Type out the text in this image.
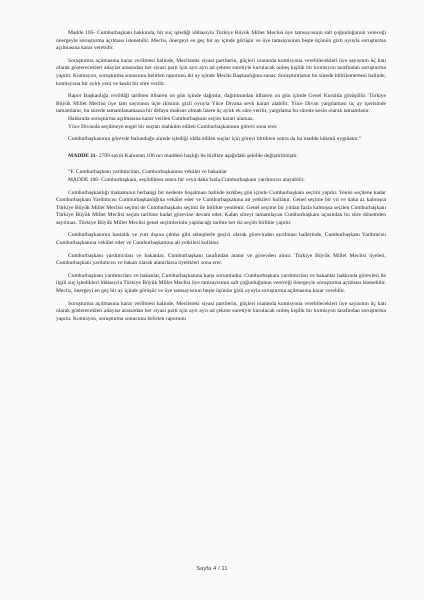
Madde 105- Cumhurbaşkanı hakkında, bir suç işlediği iddiasıyla Türkiye Büyük Millet Meclisi üye tamsayısının salt çoğunluğunun vereceği önergeyle soruşturma açılması istenebilir. Meclis, önergeyi en geç bir ay içinde görüşür ve üye tamsayısının beşte üçünün gizli oyuyla soruşturma açılmasına karar verebilir.

Soruşturma açılmasına karar verilmesi halinde, Meclisteki siyasi partilerin, güçleri oranında komisyona verebilecekleri üye sayısının üç katı olarak gösterecekleri adaylar arasından her siyasi parti için ayrı ayrı ad çekme suretiyle kurulacak onbeş kişilik bir komisyon tarafından soruşturma yapılır. Komisyon, soruşturma sonucunu belirten raporunu iki ay içinde Meclis Başkanlığına sunar. Soruşturmanın bu sürede bitirilememesi halinde, komisyona bir aylık yeni ve kesin bir süre verilir.

Rapor Başkanlığa verildiği tarihten itibaren on gün içinde dağıtılır, dağıtımından itibaren on gün içinde Genel Kurulda görüşülür. Türkiye Büyük Millet Meclisi üye tam sayısının üçte ikisinin gizli oyuyla Yüce Divana sevk kararı alabilir. Yüce Divan yargılaması üç ay içerisinde tamamlanır, bu sürede tamamlanamazsa bir defaya mahsus olmak üzere üç aylık ek süre verilir, yargılama bu sürede kesin olarak tamamlanır.

Hakkında soruşturma açılmasına karar verilen Cumhurbaşkanı seçim kararı alamaz.

Yüce Divanda seçilmeye engel bir suçtan mahkûm edilen Cumhurbaşkanının görevi sona erer.

Cumhurbaşkanının görevde bulunduğu sürede işlediği iddia edilen suçlar için görevi bittikten sonra da bu madde hükmü uygulanır.”

MADDE 11- 2709 sayılı Kanunun 106 ncı maddesi başlığı ile birlikte aşağıdaki şekilde değiştirilmiştir.

“F. Cumhurbaşkanı yardımcıları, Cumhurbaşkanına vekâlet ve bakanlar

MADDE 106- Cumhurbaşkanı, seçildikten sonra bir veya daha fazla Cumhurbaşkanı yardımcısı atayabilir.

Cumhurbaşkanlığı makamının herhangi bir nedenle boşalması halinde kırkbeş gün içinde Cumhurbaşkanı seçimi yapılır. Yenisi seçilene kadar Cumhurbaşkanı Yardımcısı Cumhurbaşkanlığına vekâlet eder ve Cumhurbaşkanına ait yetkileri kullanır. Genel seçime bir yıl ve daha az kalmışsa Türkiye Büyük Millet Meclisi seçimi de Cumhurbaşkanı seçimi ile birlikte yenilenir. Genel seçime bir yıldan fazla kalmışsa seçilen Cumhurbaşkanı Türkiye Büyük Millet Meclisi seçim tarihine kadar görevine devam eder. Kalan süreyi tamamlayan Cumhurbaşkanı açısından bu süre dönemden sayılmaz. Türkiye Büyük Millet Meclisi genel seçimlerinin yapılacağı tarihte her iki seçim birlikte yapılır.

Cumhurbaşkanının hastalık ve yurt dışına çıkma gibi sebeplerle geçici olarak görevinden ayrılması hallerinde, Cumhurbaşkanı Yardımcısı Cumhurbaşkanına vekâlet eder ve Cumhurbaşkanına ait yetkileri kullanır.

Cumhurbaşkanı yardımcıları ve bakanlar, Cumhurbaşkanı tarafından atanır ve görevden alınır. Türkiye Büyük Millet Meclisi üyeleri, Cumhurbaşkanı yardımcısı ve bakan olarak atanırlarsa üyelikleri sona erer.

Cumhurbaşkanı yardımcıları ve bakanlar, Cumhurbaşkanına karşı sorumludur. Cumhurbaşkanı yardımcıları ve bakanlar hakkında görevleri ile ilgili suç işledikleri iddiasıyla Türkiye Büyük Millet Meclisi üye tamsayısının salt çoğunluğunun vereceği önergeyle soruşturma açılması istenebilir. Meclis, önergeyi en geç bir ay içinde görüşür ve üye tamsayısının beşte üçünün gizli oyuyla soruşturma açılmasına karar verebilir.

Soruşturma açılmasına karar verilmesi halinde, Meclisteki siyasi partilerin, güçleri oranında komisyona verebilecekleri üye sayısının üç katı olarak gösterecekleri adaylar arasından her siyasi parti için ayrı ayrı ad çekme suretiyle kurulacak onbeş kişilik bir komisyon tarafından soruşturma yapılır. Komisyon, soruşturma sonucunu belirten raporunu

Sayfa 4 / 11
